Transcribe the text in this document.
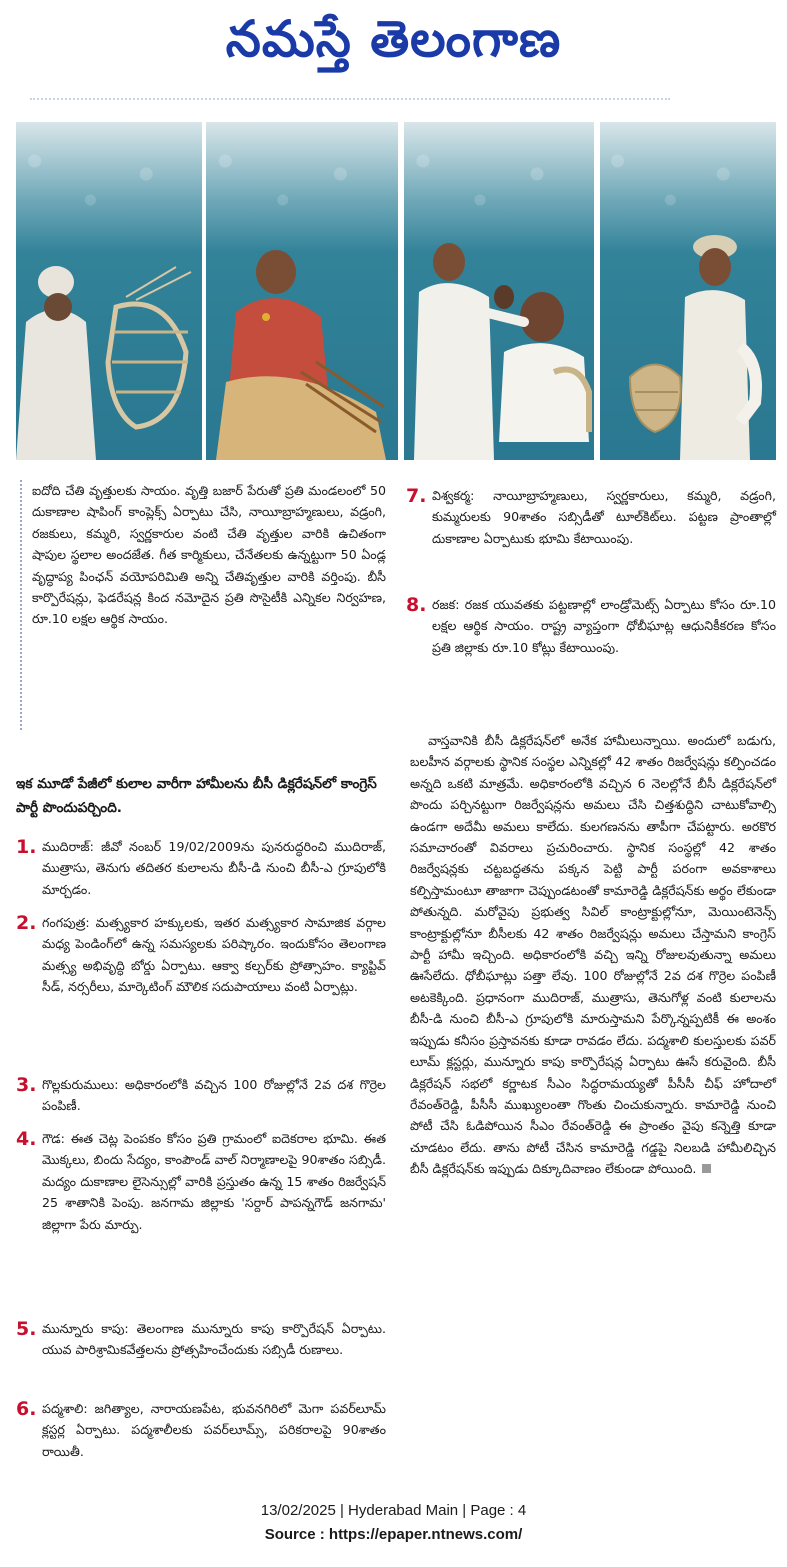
నమస్తే తెలంగాణ

ఐదోది చేతి వృత్తులకు సాయం. వృత్తి బజార్ పేరుతో ప్రతి మండలంలో 50 దుకాణాల షాపింగ్ కాంప్లెక్స్ ఏర్పాటు చేసి, నాయీబ్రాహ్మణులు, వడ్రంగి, రజకులు, కమ్మరి, స్వర్ణకారుల వంటి చేతి వృత్తుల వారికి ఉచితంగా షాపుల స్థలాల అందజేత. గీత కార్మికులు, చేనేతలకు ఉన్నట్టుగా 50 ఏండ్ల వృద్ధాప్య పింఛన్ వయోపరిమితి అన్ని చేతివృత్తుల వారికి వర్తింపు. బీసీ కార్పొరేషన్లు, ఫెడరేషన్ల కింద నమోదైన ప్రతి సొసైటీకి ఎన్నికల నిర్వహణ, రూ.10 లక్షల ఆర్థిక సాయం.

ఇక మూడో పేజీలో కులాల వారీగా హామీలను బీసీ డిక్లరేషన్‌లో కాంగ్రెస్ పార్టీ పొందుపర్చింది.
1. ముదిరాజ్: జీవో నంబర్ 19/02/2009ను పునరుద్ధరించి ముదిరాజ్, ముత్రాసు, తెనుగు తదితర కులాలను బీసీ-డి నుంచి బీసీ-ఎ గ్రూపులోకి మార్చడం.
2. గంగపుత్ర: మత్స్యకార హక్కులకు, ఇతర మత్స్యకార సామాజిక వర్గాల మధ్య పెండింగ్‌లో ఉన్న సమస్యలకు పరిష్కారం. ఇందుకోసం తెలంగాణ మత్స్య అభివృద్ధి బోర్డు ఏర్పాటు. ఆక్వా కల్చర్‌కు ప్రోత్సాహం. క్యాప్టివ్ సీడ్, నర్సరీలు, మార్కెటింగ్ మౌలిక సదుపాయాలు వంటి ఏర్పాట్లు.
3. గొల్లకురుములు: అధికారంలోకి వచ్చిన 100 రోజుల్లోనే 2వ దశ గొర్రెల పంపిణీ.
4. గౌడ: ఈత చెట్ల పెంపకం కోసం ప్రతి గ్రామంలో ఐదెకరాల భూమి. ఈత మొక్కలు, బిందు సేద్యం, కాంపౌండ్ వాల్ నిర్మాణాలపై 90శాతం సబ్సిడీ. మద్యం దుకాణాల లైసెన్సుల్లో వారికి ప్రస్తుతం ఉన్న 15 శాతం రిజర్వేషన్ 25 శాతానికి పెంపు. జనగామ జిల్లాకు 'సర్దార్ పాపన్నగౌడ్ జనగామ' జిల్లాగా పేరు మార్పు.
5. మున్నూరు కాపు: తెలంగాణ మున్నూరు కాపు కార్పొరేషన్ ఏర్పాటు. యువ పారిశ్రామికవేత్తలను ప్రోత్సహించేందుకు సబ్సిడీ రుణాలు.
6. పద్మశాలి: జగిత్యాల, నారాయణపేట, భువనగిరిలో మెగా పవర్‌లూమ్ క్లస్టర్ల ఏర్పాటు. పద్మశాలీలకు పవర్‌లూమ్స్, పరికరాలపై 90శాతం రాయితీ.
7. విశ్వకర్మ: నాయీబ్రాహ్మణులు, స్వర్ణకారులు, కమ్మరి, వడ్రంగి, కుమ్మరులకు 90శాతం సబ్సిడీతో టూల్‌కిట్‌లు. పట్టణ ప్రాంతాల్లో దుకాణాల ఏర్పాటుకు భూమి కేటాయింపు.
8. రజక: రజక యువతకు పట్టణాల్లో లాండ్రోమెట్స్ ఏర్పాటు కోసం రూ.10 లక్షల ఆర్థిక సాయం. రాష్ట్ర వ్యాప్తంగా ధోబీఘాట్ల ఆధునికీకరణ కోసం ప్రతి జిల్లాకు రూ.10 కోట్లు కేటాయింపు.
వాస్తవానికి బీసీ డిక్లరేషన్‌లో అనేక హామీలున్నాయి. అందులో బడుగు, బలహీన వర్గాలకు స్థానిక సంస్థల ఎన్నికల్లో 42 శాతం రిజర్వేషన్లు కల్పించడం అన్నది ఒకటి మాత్రమే. అధికారంలోకి వచ్చిన 6 నెలల్లోనే బీసీ డిక్లరేషన్‌లో పొందు పర్చినట్టుగా రిజర్వేషన్లను అమలు చేసి చిత్తశుద్ధిని చాటుకోవాల్సి ఉండగా అదేమీ అమలు కాలేదు. కులగణనను తాపీగా చేపట్టారు. అరకొర సమాచారంతో వివరాలు ప్రచురించారు. స్థానిక సంస్థల్లో 42 శాతం రిజర్వేషన్లకు చట్టబద్ధతను పక్కన పెట్టి పార్టీ పరంగా అవకాశాలు కల్పిస్తామంటూ తాజాగా చెప్పుండటంతో కామారెడ్డి డిక్లరేషన్‌కు అర్థం లేకుండా పోతున్నది. మరోవైపు ప్రభుత్వ సివిల్ కాంట్రాక్టుల్లోనూ, మెయింటెనెన్స్ కాంట్రాక్టుల్లోనూ బీసీలకు 42 శాతం రిజర్వేషన్లు అమలు చేస్తామని కాంగ్రెస్ పార్టీ హామీ ఇచ్చింది. అధికారంలోకి వచ్చి ఇన్ని రోజులవుతున్నా అమలు ఊసేలేదు. ధోబీఘాట్లు పత్తా లేవు. 100 రోజుల్లోనే 2వ దశ గొర్రెల పంపిణీ అటకెక్కింది. ప్రధానంగా ముదిరాజ్, ముత్రాసు, తెనుగోళ్ల వంటి కులాలను బీసీ-డి నుంచి బీసీ-ఎ గ్రూపులోకి మారుస్తామని పేర్కొన్నప్పటికీ ఈ అంశం ఇప్పుడు కనీసం ప్రస్తావనకు కూడా రావడం లేదు. పద్మశాలి కులస్తులకు పవర్ లూమ్ క్లస్టర్లు, మున్నూరు కాపు కార్పొరేషన్ల ఏర్పాటు ఊసే కరువైంది. బీసీ డిక్లరేషన్ సభలో కర్ణాటక సీఎం సిద్ధరామయ్యతో పీసీసీ చీఫ్ హోదాలో రేవంత్‌రెడ్డి, పీసీసీ ముఖ్యులంతా గొంతు చించుకున్నారు. కామారెడ్డి నుంచి పోటీ చేసి ఓడిపోయిన సీఎం రేవంత్‌రెడ్డి ఈ ప్రాంతం వైపు కన్నెత్తి కూడా చూడటం లేదు. తాను పోటీ చేసిన కామారెడ్డి గడ్డపై నిలబడి హామీలిచ్చిన బీసీ డిక్లరేషన్‌కు ఇప్పుడు దిక్కూదివాణం లేకుండా పోయింది.
13/02/2025 | Hyderabad Main | Page : 4
Source : https://epaper.ntnews.com/
